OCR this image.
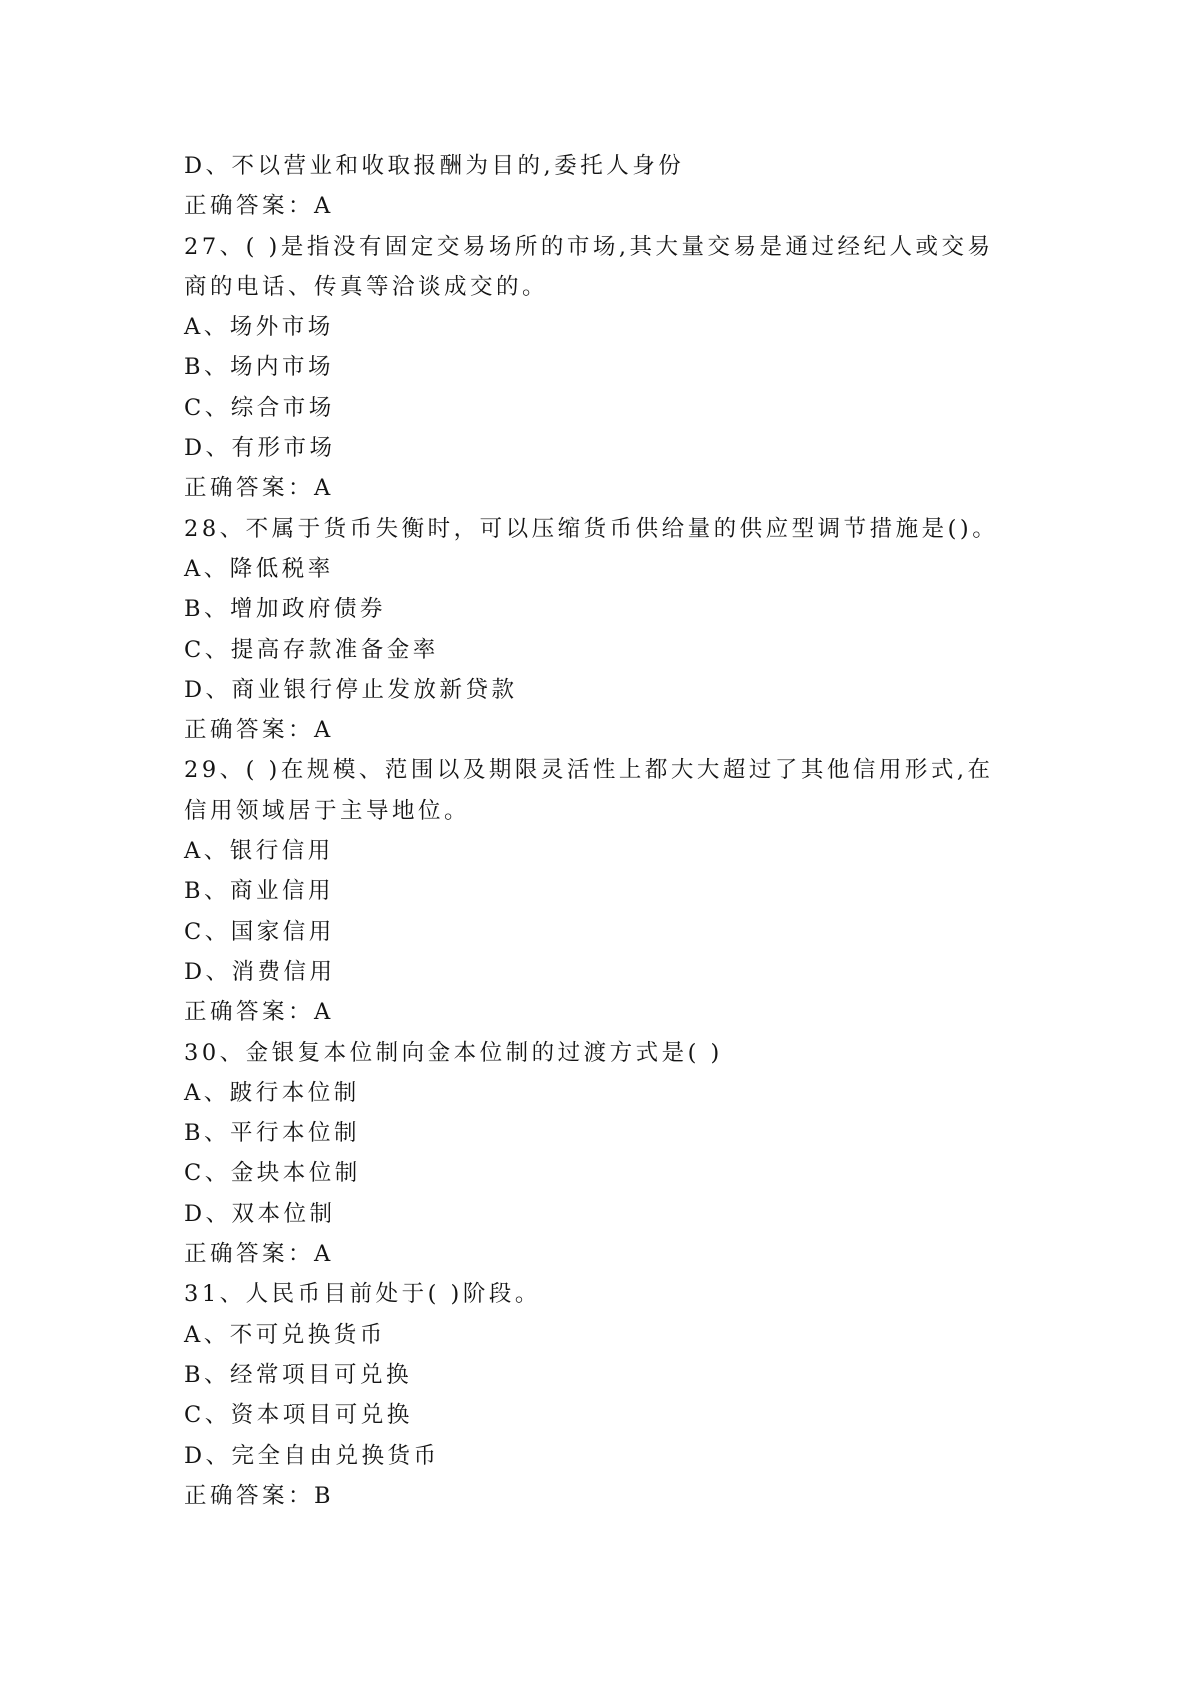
D、不以营业和收取报酬为目的,委托人身份

正确答案：A

27、( )是指没有固定交易场所的市场,其大量交易是通过经纪人或交易

商的电话、传真等洽谈成交的。

A、场外市场

B、场内市场

C、综合市场

D、有形市场

正确答案：A

28、不属于货币失衡时，可以压缩货币供给量的供应型调节措施是()。

A、降低税率

B、增加政府债券

C、提高存款准备金率

D、商业银行停止发放新贷款

正确答案：A

29、( )在规模、范围以及期限灵活性上都大大超过了其他信用形式,在

信用领域居于主导地位。

A、银行信用

B、商业信用

C、国家信用

D、消费信用

正确答案：A

30、金银复本位制向金本位制的过渡方式是( )

A、跛行本位制

B、平行本位制

C、金块本位制

D、双本位制

正确答案：A

31、人民币目前处于( )阶段。

A、不可兑换货币

B、经常项目可兑换

C、资本项目可兑换

D、完全自由兑换货币

正确答案：B
